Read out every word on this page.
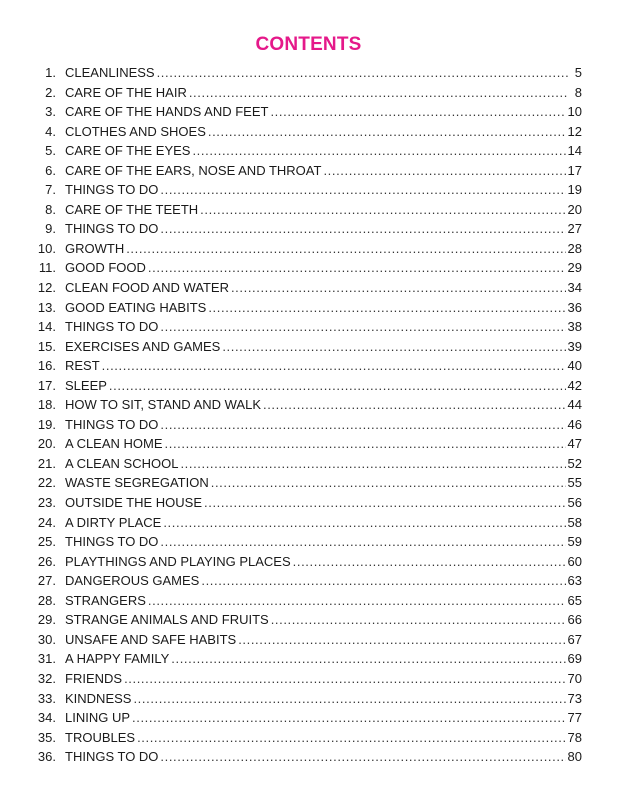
CONTENTS
1. CLEANLINESS .....	5
2. CARE OF THE HAIR .....	8
3. CARE OF THE HANDS AND FEET .....	10
4. CLOTHES AND SHOES .....	12
5. CARE OF THE EYES .....	14
6. CARE OF THE EARS, NOSE AND THROAT .....	17
7. THINGS TO DO .....	19
8. CARE OF THE TEETH .....	20
9. THINGS TO DO .....	27
10. GROWTH .....	28
11. GOOD FOOD .....	29
12. CLEAN FOOD AND WATER .....	34
13. GOOD EATING HABITS .....	36
14. THINGS TO DO .....	38
15. EXERCISES AND GAMES .....	39
16. REST .....	40
17. SLEEP .....	42
18. HOW TO SIT, STAND AND WALK .....	44
19. THINGS TO DO .....	46
20. A CLEAN HOME .....	47
21. A CLEAN SCHOOL .....	52
22. WASTE SEGREGATION .....	55
23. OUTSIDE THE HOUSE .....	56
24. A DIRTY PLACE .....	58
25. THINGS TO DO .....	59
26. PLAYTHINGS AND PLAYING PLACES .....	60
27. DANGEROUS GAMES .....	63
28. STRANGERS .....	65
29. STRANGE ANIMALS AND FRUITS .....	66
30. UNSAFE AND SAFE HABITS .....	67
31. A HAPPY FAMILY .....	69
32. FRIENDS .....	70
33. KINDNESS .....	73
34. LINING UP .....	77
35. TROUBLES .....	78
36. THINGS TO DO .....	80
